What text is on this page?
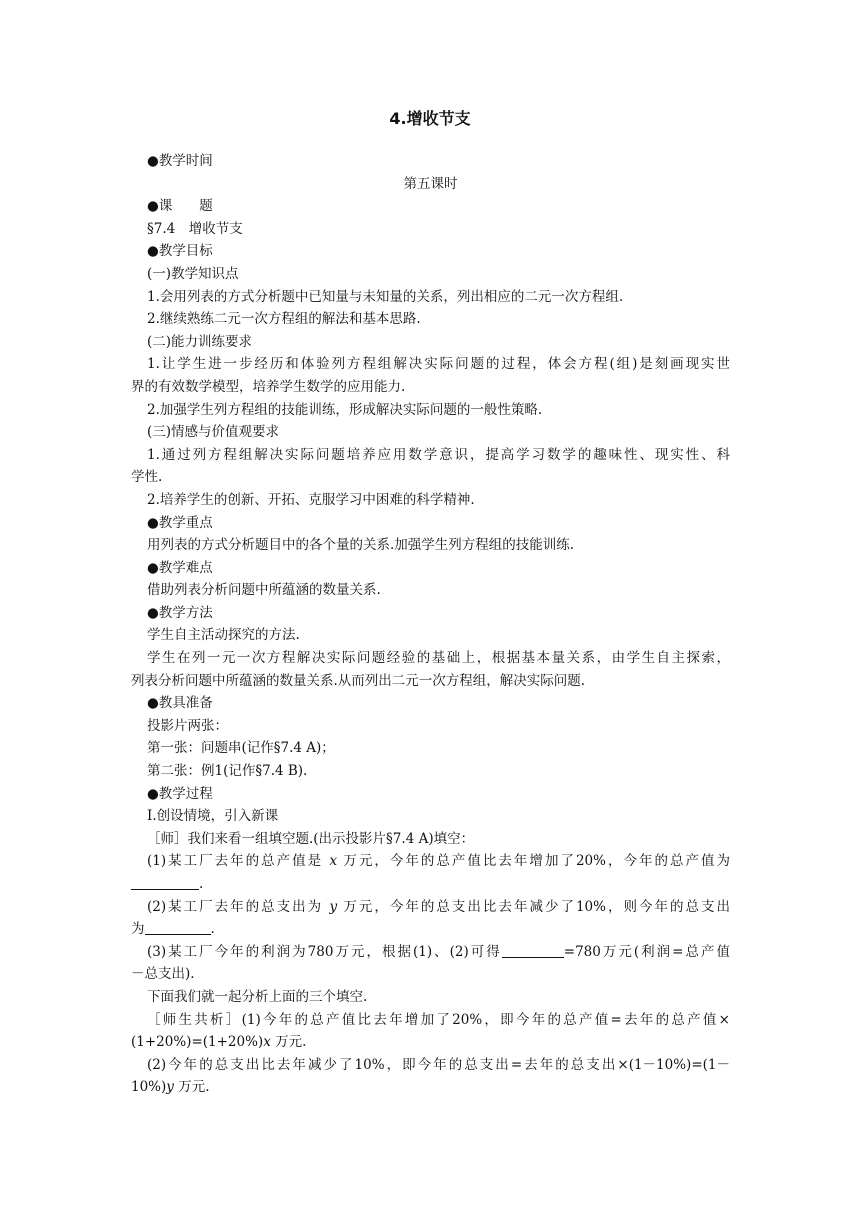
4.增收节支
●教学时间
第五课时
●课　　题
§7.4　增收节支
●教学目标
(一)教学知识点
1.会用列表的方式分析题中已知量与未知量的关系，列出相应的二元一次方程组.
2.继续熟练二元一次方程组的解法和基本思路.
(二)能力训练要求
1.让学生进一步经历和体验列方程组解决实际问题的过程，体会方程(组)是刻画现实世
界的有效数学模型，培养学生数学的应用能力.
2.加强学生列方程组的技能训练，形成解决实际问题的一般性策略.
(三)情感与价值观要求
1.通过列方程组解决实际问题培养应用数学意识，提高学习数学的趣味性、现实性、科
学性.
2.培养学生的创新、开拓、克服学习中困难的科学精神.
●教学重点
用列表的方式分析题目中的各个量的关系.加强学生列方程组的技能训练.
●教学难点
借助列表分析问题中所蕴涵的数量关系.
●教学方法
学生自主活动探究的方法.
学生在列一元一次方程解决实际问题经验的基础上，根据基本量关系，由学生自主探索，
列表分析问题中所蕴涵的数量关系.从而列出二元一次方程组，解决实际问题.
●教具准备
投影片两张：
第一张：问题串(记作§7.4 A)；
第二张：例1(记作§7.4 B).
●教学过程
Ⅰ.创设情境，引入新课
［师］我们来看一组填空题.(出示投影片§7.4 A)填空：
(1)某工厂去年的总产值是 x 万元，今年的总产值比去年增加了20%，今年的总产值为
.
(2)某工厂去年的总支出为 y 万元，今年的总支出比去年减少了10%，则今年的总支出
为	.
(3)某工厂今年的利润为780万元，根据(1)、(2)可得	=780万元(利润=总产值
－总支出).
下面我们就一起分析上面的三个填空.
［师生共析］(1)今年的总产值比去年增加了20%，即今年的总产值=去年的总产值×
(1+20%)=(1+20%)x 万元.
(2)今年的总支出比去年减少了10%，即今年的总支出=去年的总支出×(1－10%)=(1－
10%)y 万元.
